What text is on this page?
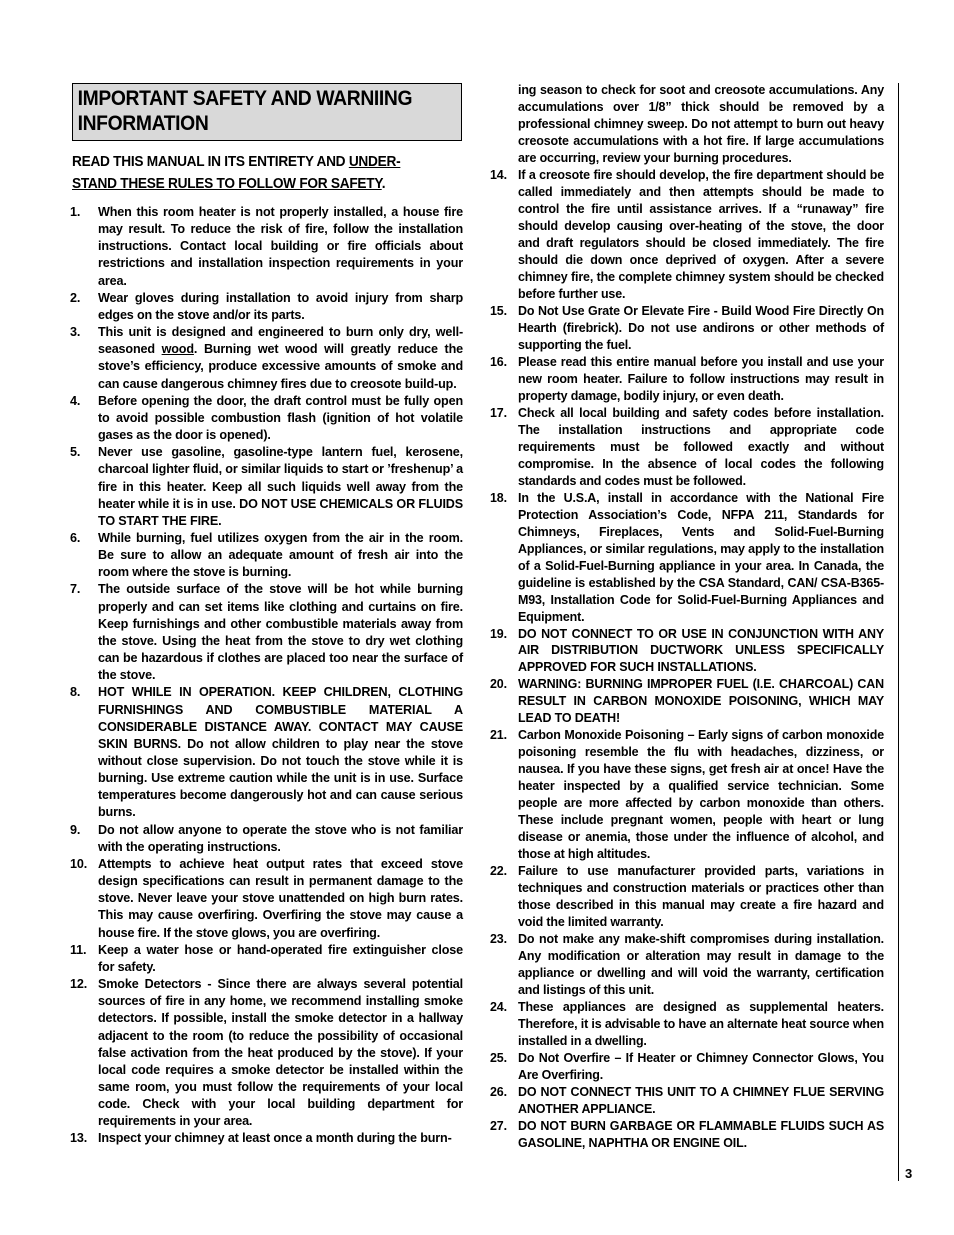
IMPORTANT SAFETY AND WARNIING
INFORMATION
READ THIS MANUAL IN ITS ENTIRETY AND UNDER-
STAND THESE RULES TO FOLLOW FOR SAFETY.
1.	When this room heater is not properly installed, a house fire may result. To reduce the risk of fire, follow the installation instructions. Contact local building or fire officials about restrictions and installation inspection requirements in your area.
2.	Wear gloves during installation to avoid injury from sharp edges on the stove and/or its parts.
3.	This unit is designed and engineered to burn only dry, well-seasoned wood. Burning wet wood will greatly reduce the stove’s efficiency, produce excessive amounts of smoke and can cause dangerous chimney fires due to creosote build-up.
4.	Before opening the door, the draft control must be fully open to avoid possible combustion flash (ignition of hot volatile gases as the door is opened).
5.	Never use gasoline, gasoline-type lantern fuel, kerosene, charcoal lighter fluid, or similar liquids to start or ’freshenup’ a fire in this heater. Keep all such liquids well away from the heater while it is in use. DO NOT USE CHEMICALS OR FLUIDS TO START THE FIRE.
6.	While burning, fuel utilizes oxygen from the air in the room. Be sure to allow an adequate amount of fresh air into the room where the stove is burning.
7.	The outside surface of the stove will be hot while burning properly and can set items like clothing and curtains on fire. Keep furnishings and other combustible materials away from the stove. Using the heat from the stove to dry wet clothing can be hazardous if clothes are placed too near the surface of the stove.
8.	HOT WHILE IN OPERATION. KEEP CHILDREN, CLOTHING FURNISHINGS AND COMBUSTIBLE MATERIAL A CONSIDERABLE DISTANCE AWAY. CONTACT MAY CAUSE SKIN BURNS. Do not allow children to play near the stove without close supervision. Do not touch the stove while it is burning. Use extreme caution while the unit is in use. Surface temperatures become dangerously hot and can cause serious burns.
9.	Do not allow anyone to operate the stove who is not familiar with the operating instructions.
10. Attempts to achieve heat output rates that exceed stove design specifications can result in permanent damage to the stove. Never leave your stove unattended on high burn rates. This may cause overfiring. Overfiring the stove may cause a house fire. If the stove glows, you are overfiring.
11. Keep a water hose or hand-operated fire extinguisher close for safety.
12. Smoke Detectors - Since there are always several potential sources of fire in any home, we recommend installing smoke detectors. If possible, install the smoke detector in a hallway adjacent to the room (to reduce the possibility of occasional false activation from the heat produced by the stove). If your local code requires a smoke detector be installed within the same room, you must follow the requirements of your local code. Check with your local building department for requirements in your area.
13. Inspect your chimney at least once a month during the burn-
ing season to check for soot and creosote accumulations. Any accumulations over 1/8” thick should be removed by a professional chimney sweep. Do not attempt to burn out heavy creosote accumulations with a hot fire. If large accumulations are occurring, review your burning procedures.
14. If a creosote fire should develop, the fire department should be called immediately and then attempts should be made to control the fire until assistance arrives. If a “runaway” fire should develop causing over-heating of the stove, the door and draft regulators should be closed immediately. The fire should die down once deprived of oxygen. After a severe chimney fire, the complete chimney system should be checked before further use.
15. Do Not Use Grate Or Elevate Fire - Build Wood Fire Directly On Hearth (firebrick). Do not use andirons or other methods of supporting the fuel.
16. Please read this entire manual before you install and use your new room heater. Failure to follow instructions may result in property damage, bodily injury, or even death.
17. Check all local building and safety codes before installation. The installation instructions and appropriate code requirements must be followed exactly and without compromise. In the absence of local codes the following standards and codes must be followed.
18. In the U.S.A, install in accordance with the National Fire Protection Association’s Code, NFPA 211, Standards for Chimneys, Fireplaces, Vents and Solid-Fuel-Burning Appliances, or similar regulations, may apply to the installation of a Solid-Fuel-Burning appliance in your area. In Canada, the guideline is established by the CSA Standard, CAN/ CSA-B365-M93, Installation Code for Solid-Fuel-Burning Appliances and Equipment.
19. DO NOT CONNECT TO OR USE IN CONJUNCTION WITH ANY AIR DISTRIBUTION DUCTWORK UNLESS SPECIFICALLY APPROVED FOR SUCH INSTALLATIONS.
20. WARNING: BURNING IMPROPER FUEL (I.E. CHARCOAL) CAN RESULT IN CARBON MONOXIDE POISONING, WHICH MAY LEAD TO DEATH!
21. Carbon Monoxide Poisoning – Early signs of carbon monoxide poisoning resemble the flu with headaches, dizziness, or nausea. If you have these signs, get fresh air at once! Have the heater inspected by a qualified service technician. Some people are more affected by carbon monoxide than others. These include pregnant women, people with heart or lung disease or anemia, those under the influence of alcohol, and those at high altitudes.
22. Failure to use manufacturer provided parts, variations in techniques and construction materials or practices other than those described in this manual may create a fire hazard and void the limited warranty.
23. Do not make any make-shift compromises during installation. Any modification or alteration may result in damage to the appliance or dwelling and will void the warranty, certification and listings of this unit.
24. These appliances are designed as supplemental heaters. Therefore, it is advisable to have an alternate heat source when installed in a dwelling.
25. Do Not Overfire – If Heater or Chimney Connector Glows, You Are Overfiring.
26. DO NOT CONNECT THIS UNIT TO A CHIMNEY FLUE SERVING ANOTHER APPLIANCE.
27. DO NOT BURN GARBAGE OR FLAMMABLE FLUIDS SUCH AS GASOLINE, NAPHTHA OR ENGINE OIL.
3
